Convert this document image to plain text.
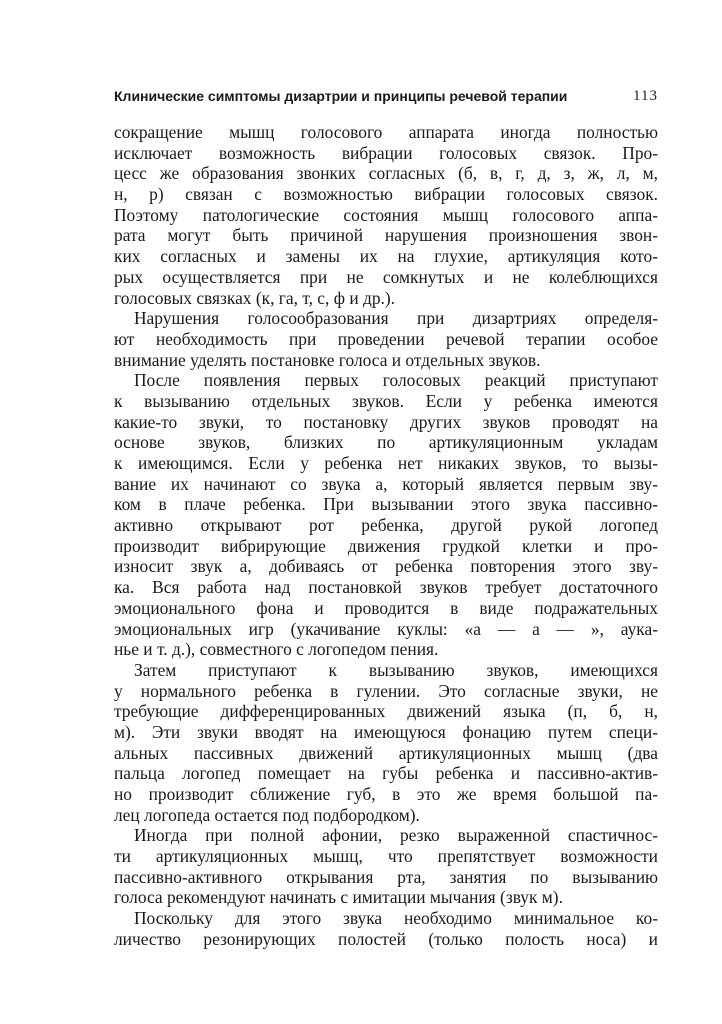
Клинические симптомы дизартрии и принципы речевой терапии	113
сокращение мышц голосового аппарата иногда полностью
исключает возможность вибрации голосовых связок. Про-
цесс же образования звонких согласных (б, в, г, д, з, ж, л, м,
н, р) связан с возможностью вибрации голосовых связок.
Поэтому патологические состояния мышц голосового аппа-
рата могут быть причиной нарушения произношения звон-
ких согласных и замены их на глухие, артикуляция кото-
рых осуществляется при не сомкнутых и не колеблющихся
голосовых связках (к, га, т, с, ф и др.).
Нарушения голосообразования при дизартриях определя-
ют необходимость при проведении речевой терапии особое
внимание уделять постановке голоса и отдельных звуков.
После появления первых голосовых реакций приступают
к вызыванию отдельных звуков. Если у ребенка имеются
какие-то звуки, то постановку других звуков проводят на
основе звуков, близких по артикуляционным укладам
к имеющимся. Если у ребенка нет никаких звуков, то вызы-
вание их начинают со звука а, который является первым зву-
ком в плаче ребенка. При вызывании этого звука пассивно-
активно открывают рот ребенка, другой рукой логопед
производит вибрирующие движения грудкой клетки и про-
износит звук а, добиваясь от ребенка повторения этого зву-
ка. Вся работа над постановкой звуков требует достаточного
эмоционального фона и проводится в виде подражательных
эмоциональных игр (укачивание куклы: «а — а — », аука-
нье и т. д.), совместного с логопедом пения.
Затем приступают к вызыванию звуков, имеющихся
у нормального ребенка в гулении. Это согласные звуки, не
требующие дифференцированных движений языка (п, б, н,
м). Эти звуки вводят на имеющуюся фонацию путем специ-
альных пассивных движений артикуляционных мышц (два
пальца логопед помещает на губы ребенка и пассивно-актив-
но производит сближение губ, в это же время большой па-
лец логопеда остается под подбородком).
Иногда при полной афонии, резко выраженной спастичнос-
ти артикуляционных мышц, что препятствует возможности
пассивно-активного открывания рта, занятия по вызыванию
голоса рекомендуют начинать с имитации мычания (звук м).
Поскольку для этого звука необходимо минимальное ко-
личество резонирующих полостей (только полость носа) и
